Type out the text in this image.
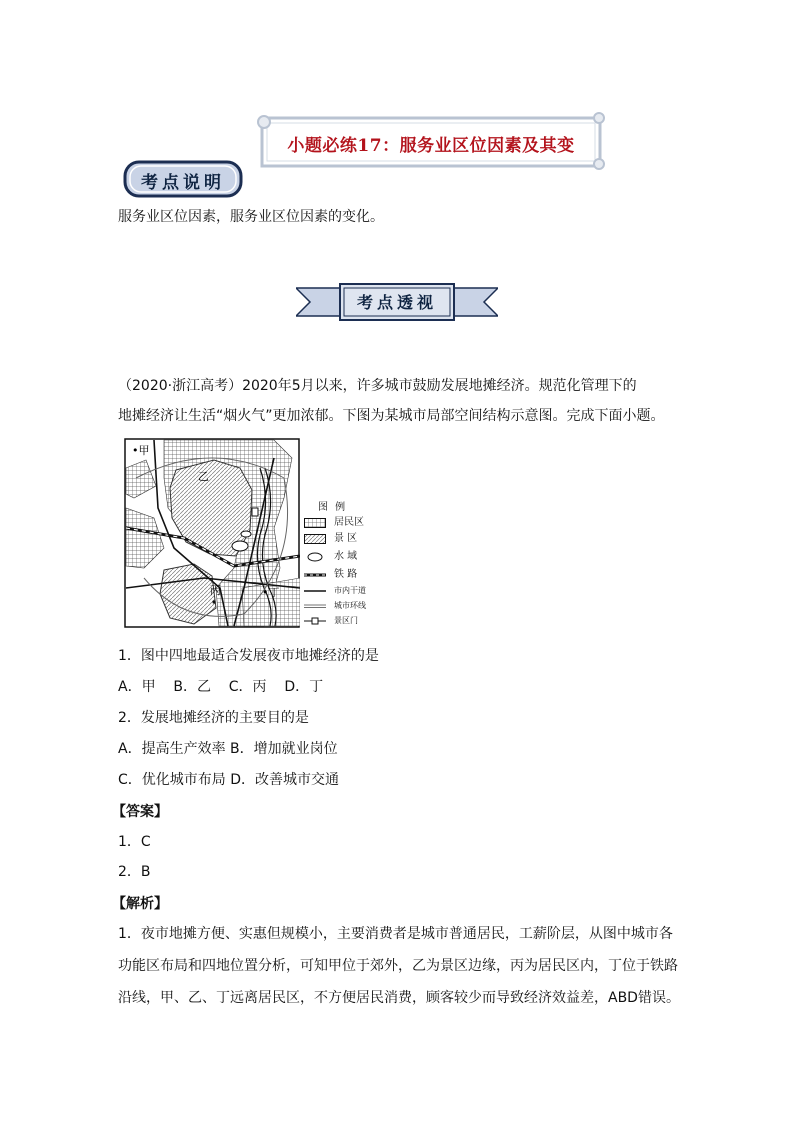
小题必练17：服务业区位因素及其变
考点说明
服务业区位因素，服务业区位因素的变化。
考点透视
（2020·浙江高考）2020年5月以来，许多城市鼓励发展地摊经济。规范化管理下的
地摊经济让生活“烟火气”更加浓郁。下图为某城市局部空间结构示意图。完成下面小题。
•甲
乙
丙	•丁
图 例
居民区
景 区
水 域
铁 路
市内干道
城市环线
景区门
1．图中四地最适合发展夜市地摊经济的是
A．甲    B．乙    C．丙    D．丁
2．发展地摊经济的主要目的是
A．提高生产效率 B．增加就业岗位
C．优化城市布局 D．改善城市交通
【答案】
1．C
2．B
【解析】
1．夜市地摊方便、实惠但规模小，主要消费者是城市普通居民，工薪阶层，从图中城市各
功能区布局和四地位置分析，可知甲位于郊外，乙为景区边缘，丙为居民区内，丁位于铁路
沿线，甲、乙、丁远离居民区，不方便居民消费，顾客较少而导致经济效益差，ABD错误。
